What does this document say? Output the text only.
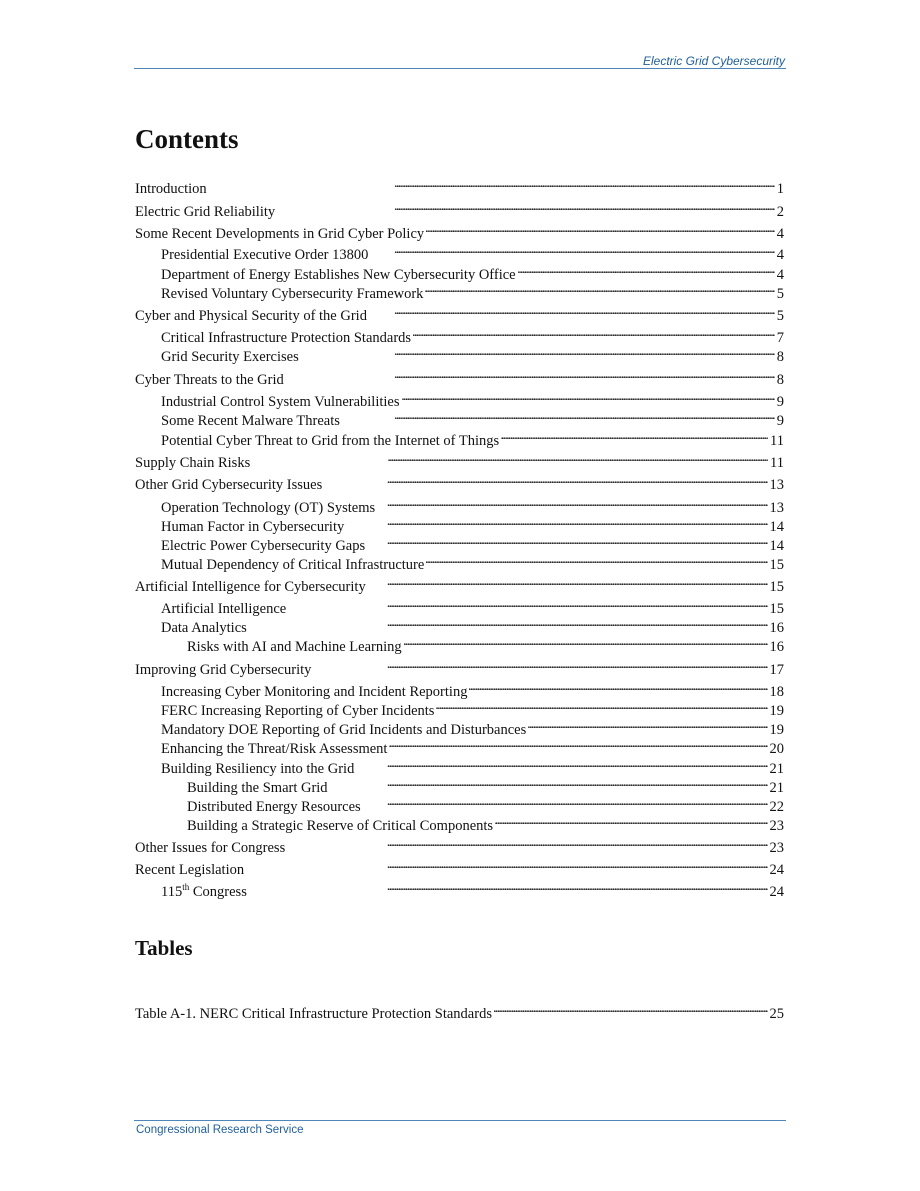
Electric Grid Cybersecurity
Contents
Introduction . . .	1
Electric Grid Reliability . . .	2
Some Recent Developments in Grid Cyber Policy . . .	4
Presidential Executive Order 13800 . . .	4
Department of Energy Establishes New Cybersecurity Office . . .	4
Revised Voluntary Cybersecurity Framework . . .	5
Cyber and Physical Security of the Grid . . .	5
Critical Infrastructure Protection Standards . . .	7
Grid Security Exercises . . .	8
Cyber Threats to the Grid . . .	8
Industrial Control System Vulnerabilities . . .	9
Some Recent Malware Threats . . .	9
Potential Cyber Threat to Grid from the Internet of Things . . .	11
Supply Chain Risks . . .	11
Other Grid Cybersecurity Issues . . .	13
Operation Technology (OT) Systems . . .	13
Human Factor in Cybersecurity . . .	14
Electric Power Cybersecurity Gaps . . .	14
Mutual Dependency of Critical Infrastructure . . .	15
Artificial Intelligence for Cybersecurity . . .	15
Artificial Intelligence . . .	15
Data Analytics . . .	16
Risks with AI and Machine Learning . . .	16
Improving Grid Cybersecurity . . .	17
Increasing Cyber Monitoring and Incident Reporting . . .	18
FERC Increasing Reporting of Cyber Incidents . . .	19
Mandatory DOE Reporting of Grid Incidents and Disturbances . . .	19
Enhancing the Threat/Risk Assessment . . .	20
Building Resiliency into the Grid . . .	21
Building the Smart Grid . . .	21
Distributed Energy Resources . . .	22
Building a Strategic Reserve of Critical Components . . .	23
Other Issues for Congress . . .	23
Recent Legislation . . .	24
115th Congress . . .	24
Tables
Table A-1. NERC Critical Infrastructure Protection Standards . . .	25
Congressional Research Service
